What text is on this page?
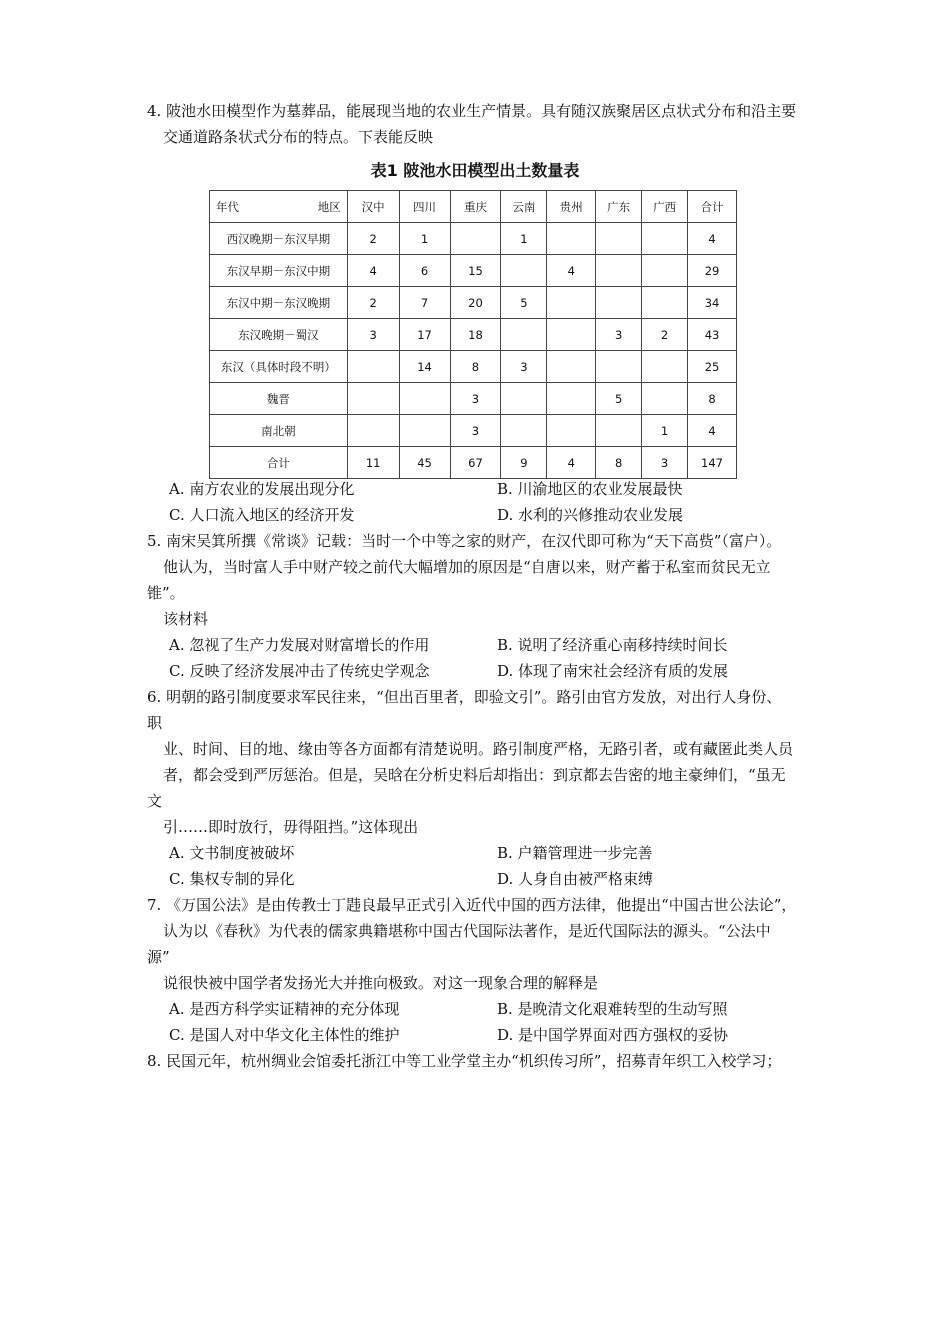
4. 陂池水田模型作为墓葬品，能展现当地的农业生产情景。具有随汉族聚居区点状式分布和沿主要
交通道路条状式分布的特点。下表能反映
表1 陂池水田模型出土数量表
年代 地区	汉中	四川	重庆	云南	贵州	广东	广西	合计
西汉晚期－东汉早期	2	1		1				4
东汉早期－东汉中期	4	6	15		4			29
东汉中期－东汉晚期	2	7	20	5				34
东汉晚期－蜀汉	3	17	18			3	2	43
东汉（具体时段不明）		14	8	3				25
魏晋			3			5		8
南北朝			3				1	4
合计	11	45	67	9	4	8	3	147
A. 南方农业的发展出现分化	B. 川渝地区的农业发展最快
C. 人口流入地区的经济开发	D. 水利的兴修推动农业发展
5. 南宋吴箕所撰《常谈》记载：当时一个中等之家的财产，在汉代即可称为“天下高赀”（富户）。
他认为，当时富人手中财产较之前代大幅增加的原因是“自唐以来，财产蓄于私室而贫民无立
锥”。
该材料
A. 忽视了生产力发展对财富增长的作用	B. 说明了经济重心南移持续时间长
C. 反映了经济发展冲击了传统史学观念	D. 体现了南宋社会经济有质的发展
6. 明朝的路引制度要求军民往来，“但出百里者，即验文引”。路引由官方发放，对出行人身份、
职
业、时间、目的地、缘由等各方面都有清楚说明。路引制度严格，无路引者，或有藏匿此类人员
者，都会受到严厉惩治。但是，吴晗在分析史料后却指出：到京都去告密的地主豪绅们，“虽无
文
引……即时放行，毋得阻挡。”这体现出
A. 文书制度被破坏	B. 户籍管理进一步完善
C. 集权专制的异化	D. 人身自由被严格束缚
7. 《万国公法》是由传教士丁韪良最早正式引入近代中国的西方法律，他提出“中国古世公法论”，
认为以《春秋》为代表的儒家典籍堪称中国古代国际法著作，是近代国际法的源头。“公法中
源”
说很快被中国学者发扬光大并推向极致。对这一现象合理的解释是
A. 是西方科学实证精神的充分体现	B. 是晚清文化艰难转型的生动写照
C. 是国人对中华文化主体性的维护	D. 是中国学界面对西方强权的妥协
8. 民国元年，杭州绸业会馆委托浙江中等工业学堂主办“机织传习所”，招募青年织工入校学习；
